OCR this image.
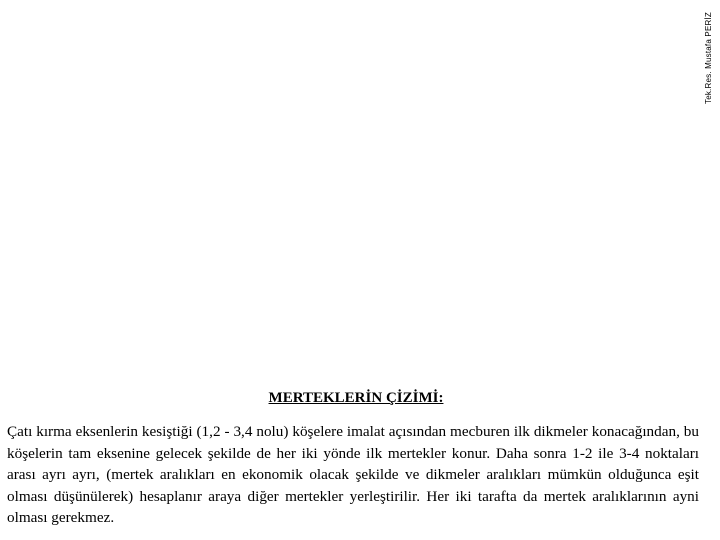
Tek.Res. Mustafa PERİZ
MERTEKLERİN ÇİZİMİ:
Çatı kırma eksenlerin kesiştiği (1,2 - 3,4 nolu) köşelere imalat açısından mecburen ilk dikmeler konacağından, bu köşelerin tam eksenine gelecek şekilde de her iki yönde ilk mertekler konur. Daha sonra 1-2 ile 3-4 noktaları arası ayrı ayrı, (mertek aralıkları en ekonomik olacak şekilde ve dikmeler aralıkları mümkün olduğunca eşit olması düşünülerek) hesaplanır araya diğer mertekler yerleştirilir. Her iki tarafta da mertek aralıklarının ayni olması gerekmez.
